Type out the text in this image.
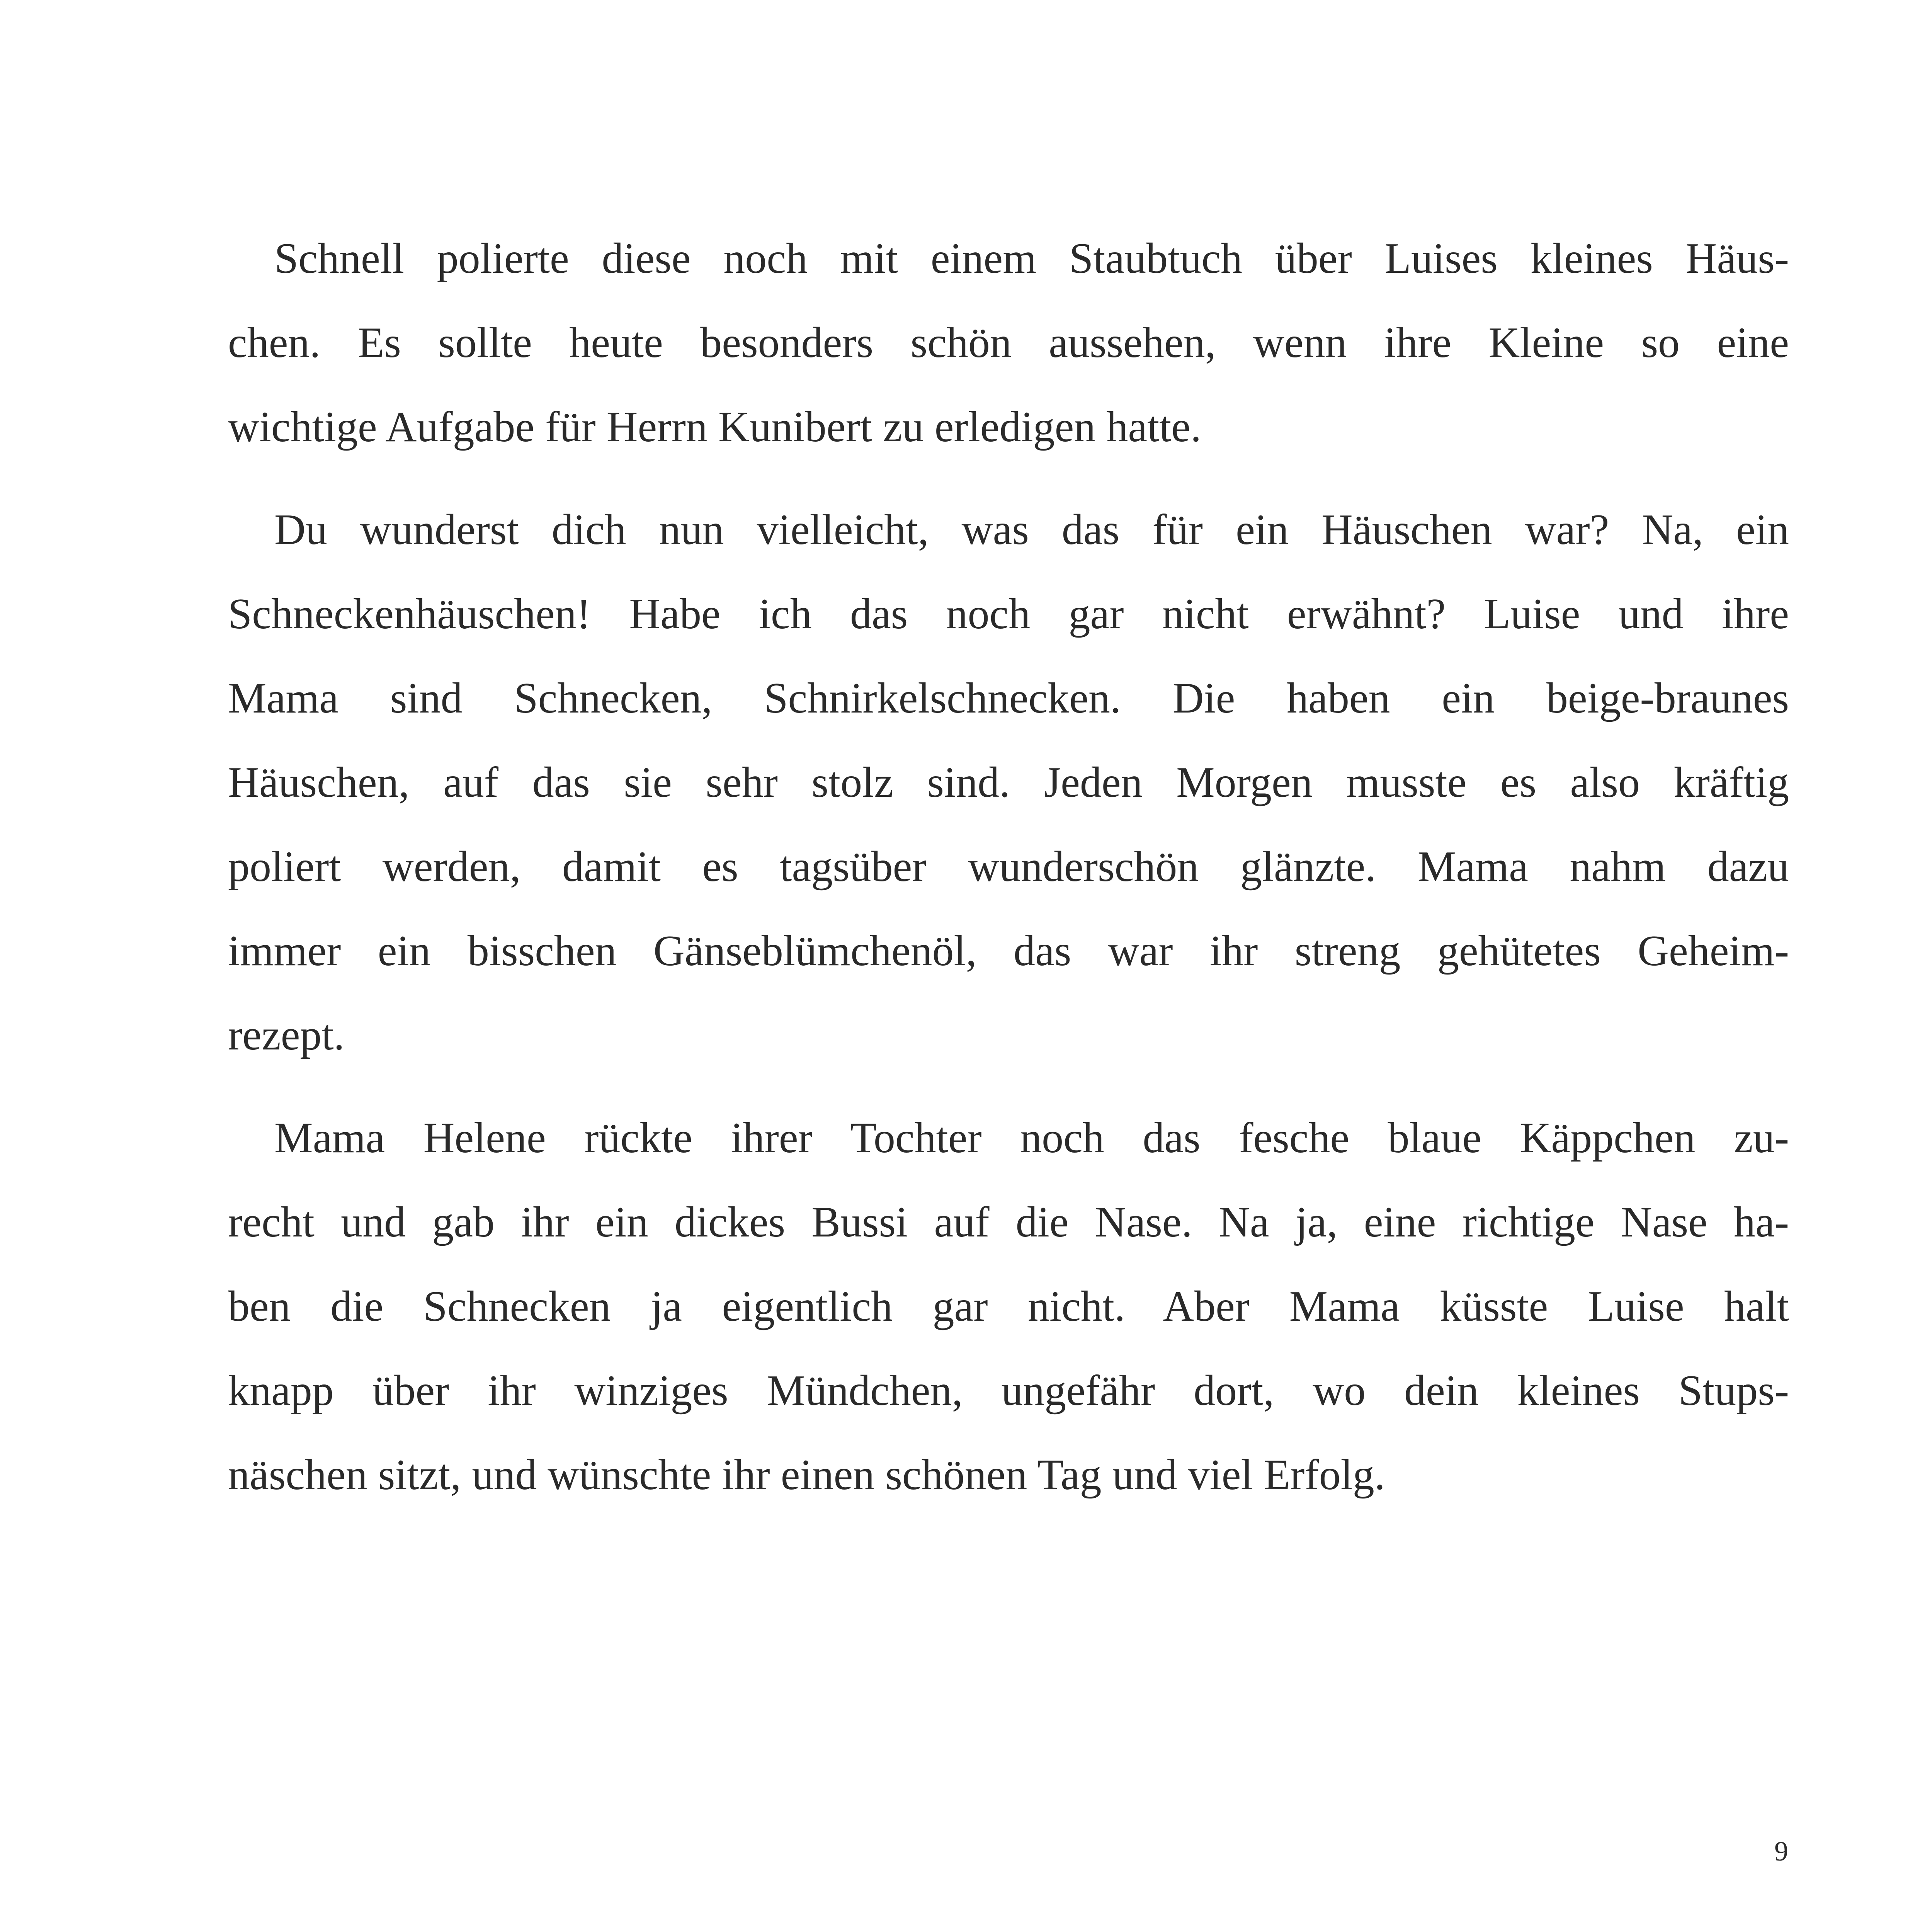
Schnell polierte diese noch mit einem Staubtuch über Luises kleines Häus-
chen. Es sollte heute besonders schön aussehen, wenn ihre Kleine so eine
wichtige Aufgabe für Herrn Kunibert zu erledigen hatte.
Du wunderst dich nun vielleicht, was das für ein Häuschen war? Na, ein
Schneckenhäuschen! Habe ich das noch gar nicht erwähnt? Luise und ihre
Mama sind Schnecken, Schnirkelschnecken. Die haben ein beige-braunes
Häuschen, auf das sie sehr stolz sind. Jeden Morgen musste es also kräftig
poliert werden, damit es tagsüber wunderschön glänzte. Mama nahm dazu
immer ein bisschen Gänseblümchenöl, das war ihr streng gehütetes Geheim-
rezept.
Mama Helene rückte ihrer Tochter noch das fesche blaue Käppchen zu-
recht und gab ihr ein dickes Bussi auf die Nase. Na ja, eine richtige Nase ha-
ben die Schnecken ja eigentlich gar nicht. Aber Mama küsste Luise halt
knapp über ihr winziges Mündchen, ungefähr dort, wo dein kleines Stups-
näschen sitzt, und wünschte ihr einen schönen Tag und viel Erfolg.
9
